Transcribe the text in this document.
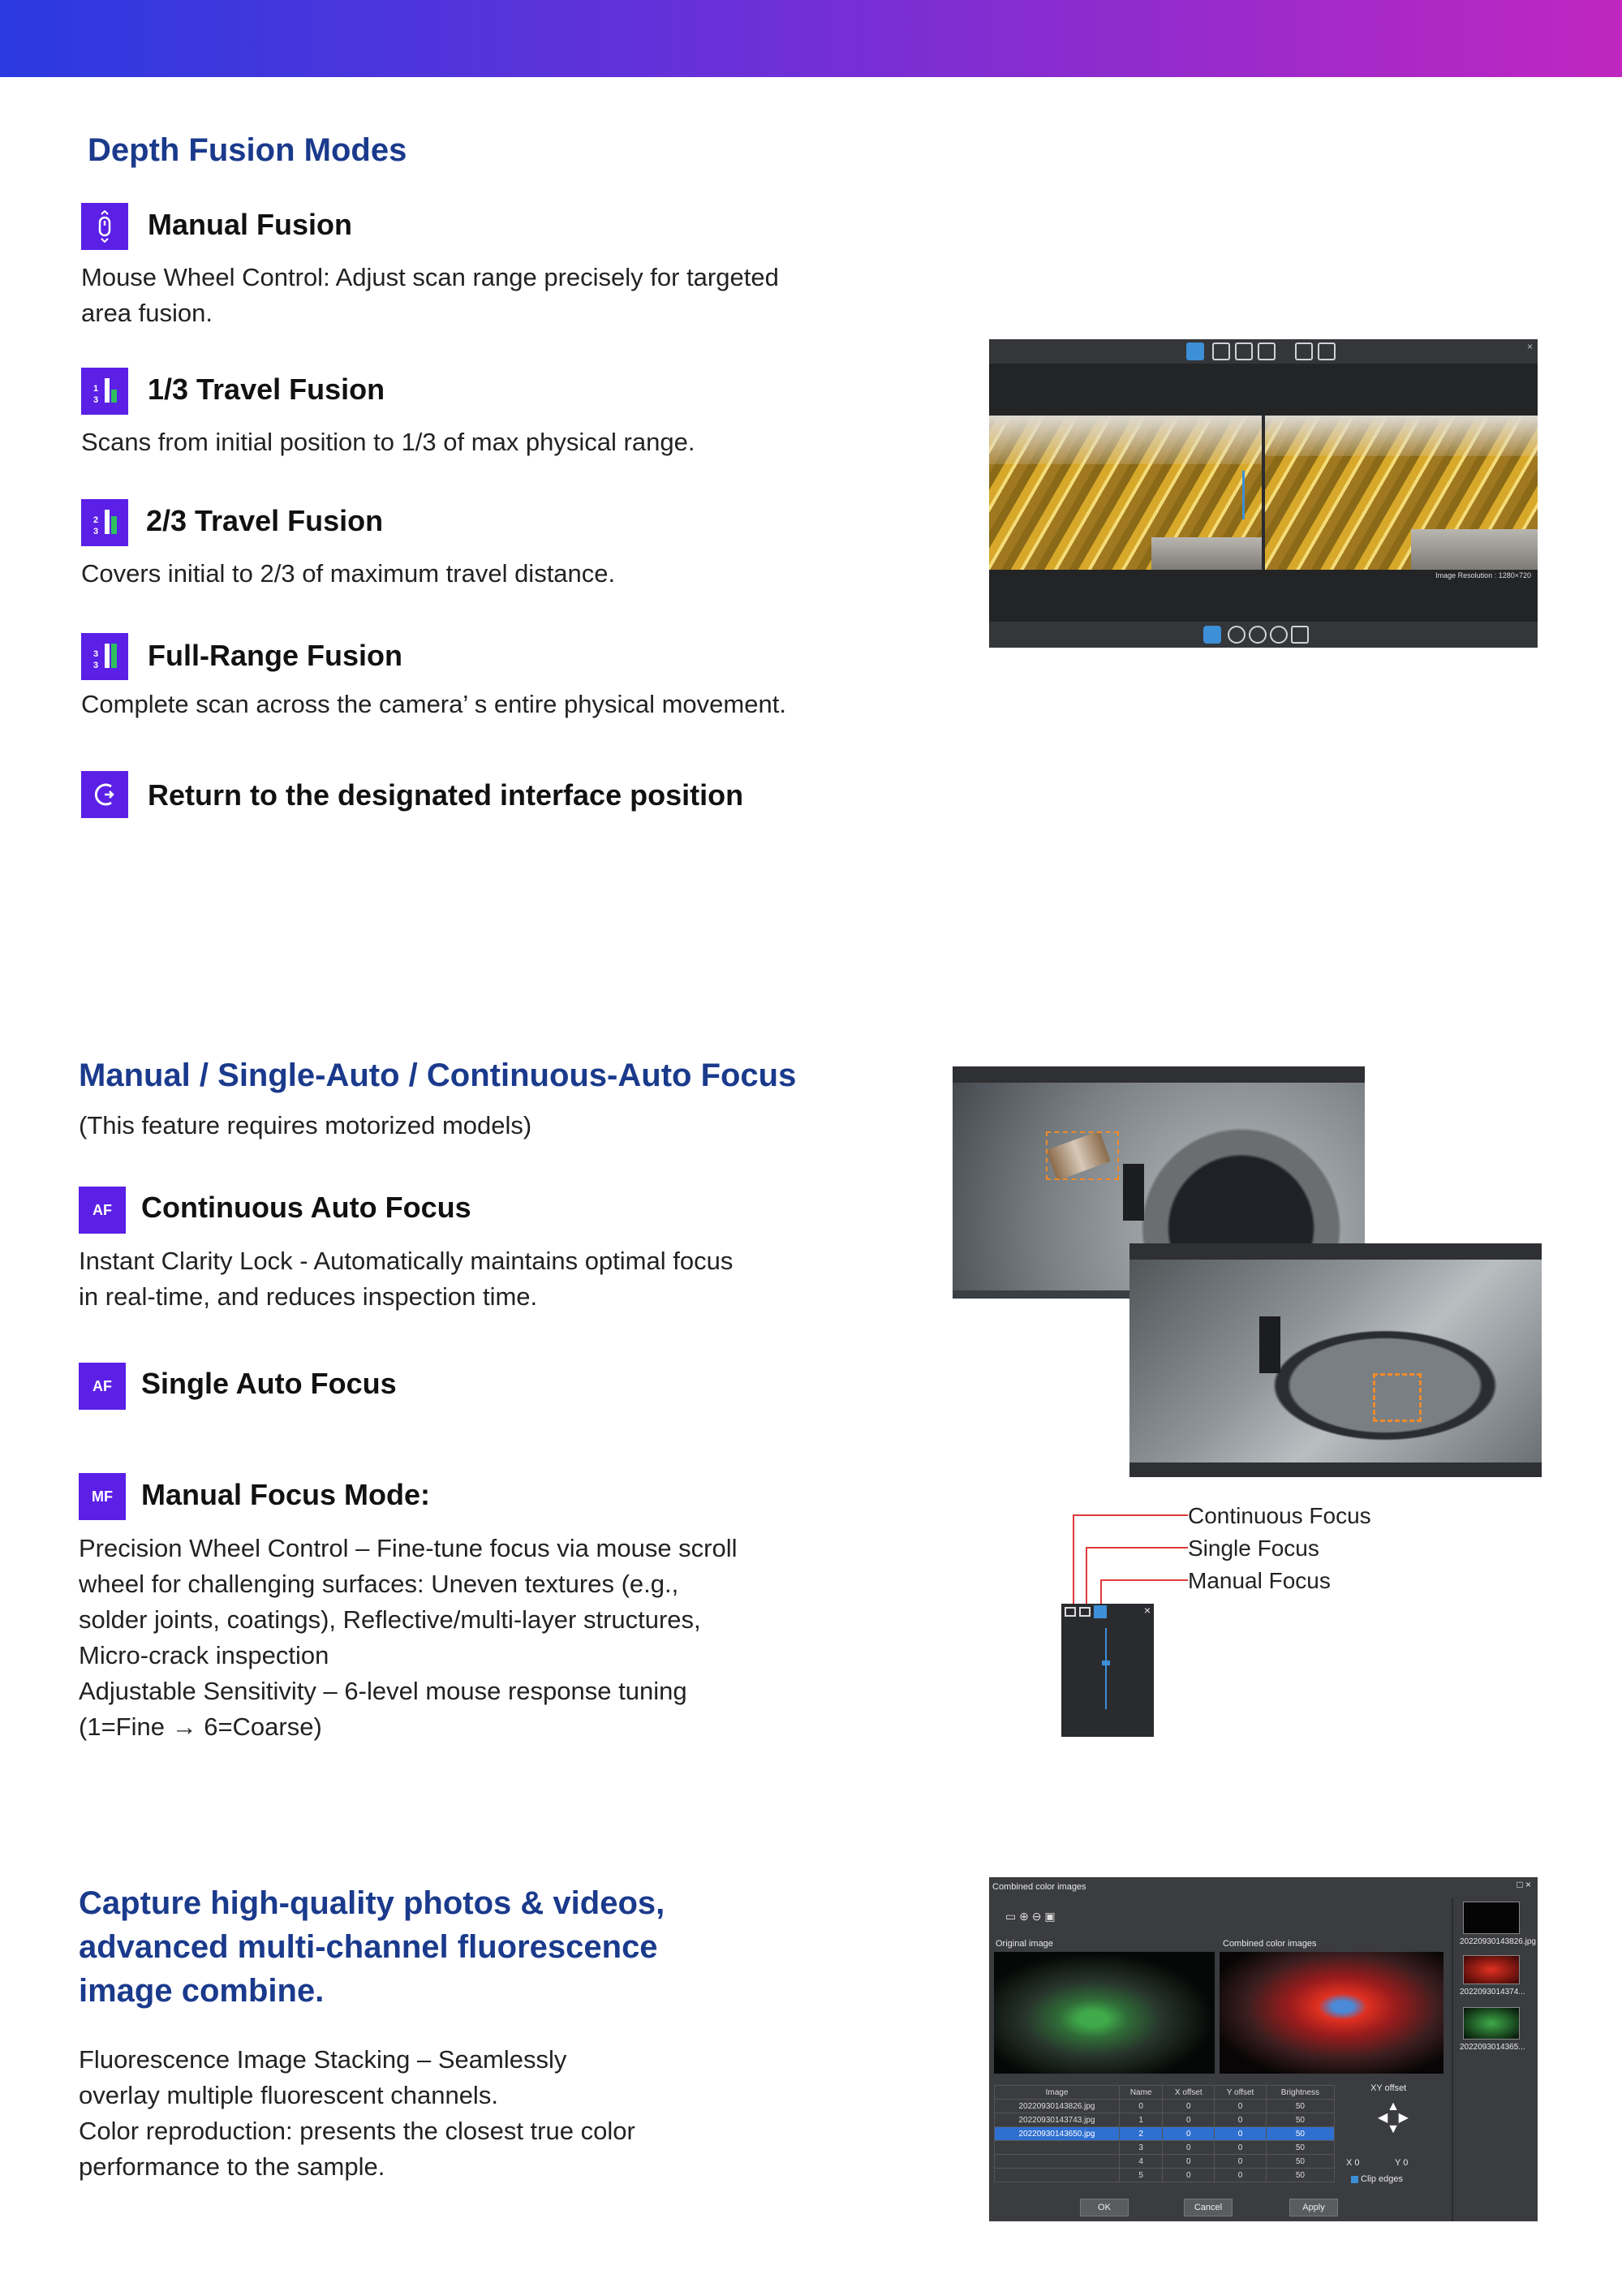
Depth Fusion Modes
Manual Fusion
Mouse Wheel Control: Adjust scan range precisely for targeted area fusion.
1
3 1/3 Travel Fusion
Scans from initial position to 1/3 of max physical range.
2
3 2/3 Travel Fusion
Covers initial to 2/3 of maximum travel distance.
3
3 Full-Range Fusion
Complete scan across the camera’ s entire physical movement.
Return to the designated interface position
×
Image Resolution : 1280×720
Manual / Single-Auto / Continuous-Auto Focus
(This feature requires motorized models)
AF Continuous Auto Focus
Instant Clarity Lock - Automatically maintains optimal focus in real-time, and reduces inspection time.
AF Single Auto Focus
MF Manual Focus Mode:
Precision Wheel Control – Fine-tune focus via mouse scroll wheel for challenging surfaces: Uneven textures (e.g., solder joints, coatings), Reflective/multi-layer structures, Micro-crack inspection
Adjustable Sensitivity – 6-level mouse response tuning (1=Fine → 6=Coarse)
×
Continuous Focus
Single Focus
Manual Focus
Capture high-quality photos & videos, advanced multi-channel fluorescence image combine.
Fluorescence Image Stacking – Seamlessly overlay multiple fluorescent channels.
Color reproduction: presents the closest true color performance to the sample.
Combined color images	□ ×
▭ ⊕ ⊖ ▣
Original image	Combined color images	20220930143826.jpg
2022093014374...
2022093014365...
Image	Name	X offset	Y offset	Brightness
20220930143826.jpg	0	0	0	50
20220930143743.jpg	1	0	0	50
20220930143650.jpg	2	0	0	50
	3	0	0	50
	4	0	0	50
	5	0	0	50
XY offset
▲
◀   ▶
▼
X 0	Y 0
Clip edges
OK	Cancel	Apply
